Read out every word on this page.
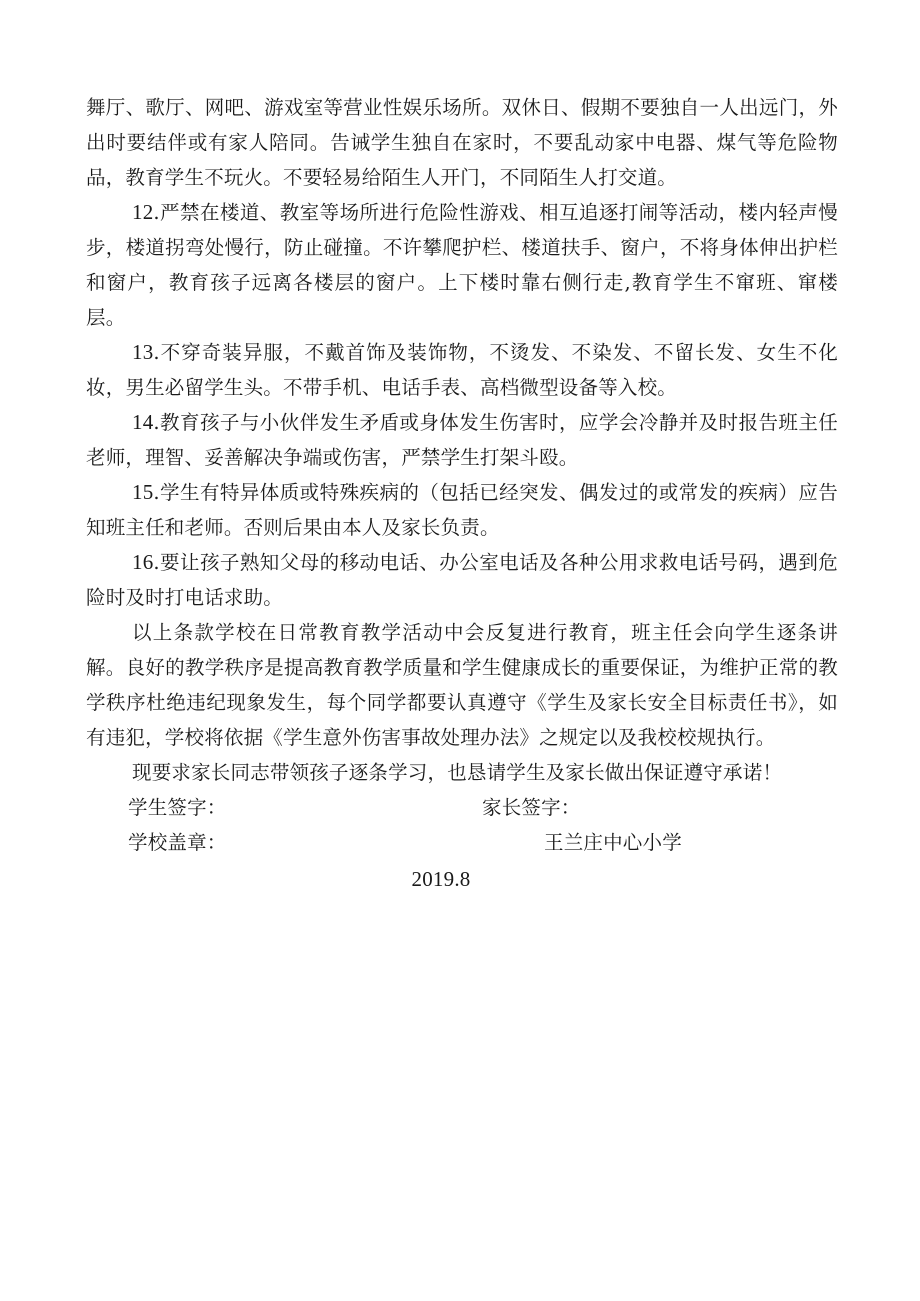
舞厅、歌厅、网吧、游戏室等营业性娱乐场所。双休日、假期不要独自一人出远门，外出时要结伴或有家人陪同。告诫学生独自在家时，不要乱动家中电器、煤气等危险物品，教育学生不玩火。不要轻易给陌生人开门，不同陌生人打交道。

12.严禁在楼道、教室等场所进行危险性游戏、相互追逐打闹等活动，楼内轻声慢步，楼道拐弯处慢行，防止碰撞。不许攀爬护栏、楼道扶手、窗户，不将身体伸出护栏和窗户，教育孩子远离各楼层的窗户。上下楼时靠右侧行走,教育学生不窜班、窜楼层。

13.不穿奇装异服，不戴首饰及装饰物，不烫发、不染发、不留长发、女生不化妆，男生必留学生头。不带手机、电话手表、高档微型设备等入校。

14.教育孩子与小伙伴发生矛盾或身体发生伤害时，应学会冷静并及时报告班主任老师，理智、妥善解决争端或伤害，严禁学生打架斗殴。

15.学生有特异体质或特殊疾病的（包括已经突发、偶发过的或常发的疾病）应告知班主任和老师。否则后果由本人及家长负责。

16.要让孩子熟知父母的移动电话、办公室电话及各种公用求救电话号码，遇到危险时及时打电话求助。

以上条款学校在日常教育教学活动中会反复进行教育，班主任会向学生逐条讲解。良好的教学秩序是提高教育教学质量和学生健康成长的重要保证，为维护正常的教学秩序杜绝违纪现象发生，每个同学都要认真遵守《学生及家长安全目标责任书》，如有违犯，学校将依据《学生意外伤害事故处理办法》之规定以及我校校规执行。

现要求家长同志带领孩子逐条学习，也恳请学生及家长做出保证遵守承诺！

学生签字：	家长签字：
学校盖章：	王兰庄中心小学
2019.8
